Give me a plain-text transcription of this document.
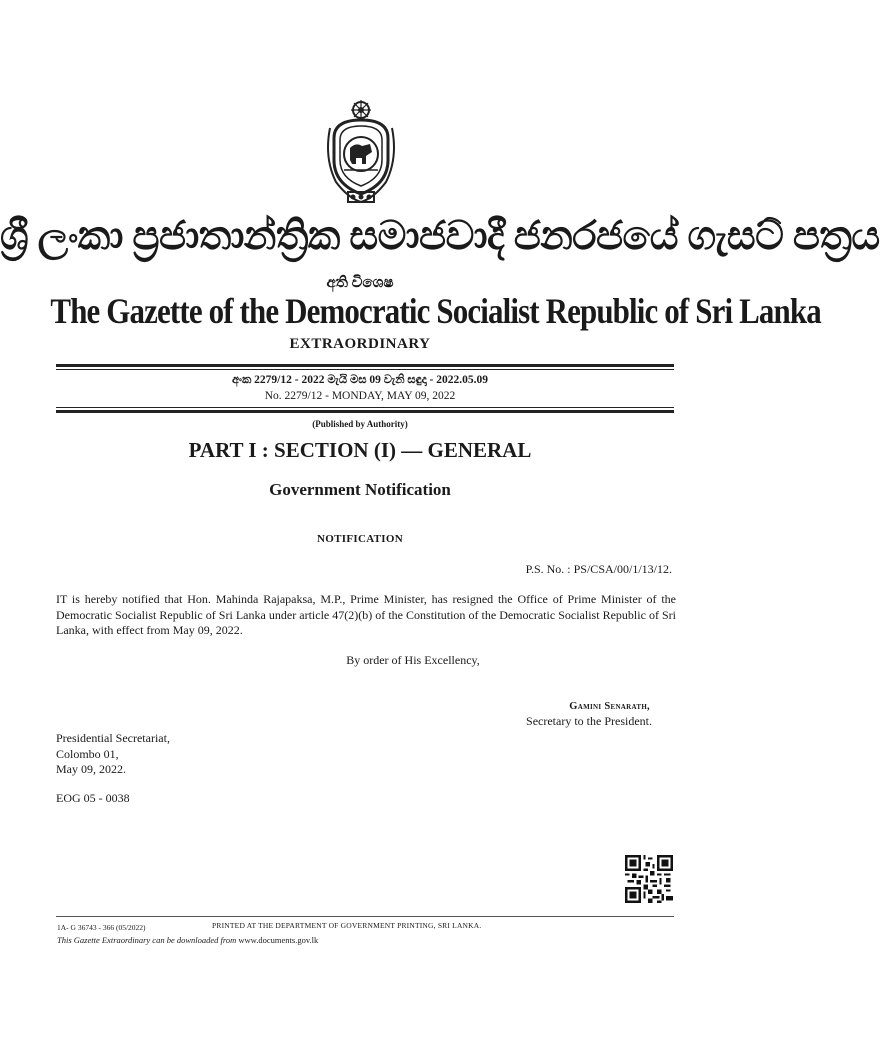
ශ්‍රී ලංකා ප්‍රජාතාන්ත්‍රික සමාජවාදී ජනරජයේ ගැසට් පත්‍රය
අති විශෙෂ
The Gazette of the Democratic Socialist Republic of Sri Lanka
EXTRAORDINARY
අංක 2279/12 - 2022 මැයි මස 09 වැනි සඳුදා - 2022.05.09
No. 2279/12 - MONDAY, MAY 09, 2022
(Published by Authority)
PART I : SECTION (I) — GENERAL
Government Notification
NOTIFICATION
P.S. No. : PS/CSA/00/1/13/12.
IT is hereby notified that Hon. Mahinda Rajapaksa, M.P., Prime Minister, has resigned the Office of Prime Minister of the Democratic Socialist Republic of Sri Lanka under article 47(2)(b) of the Constitution of the Democratic Socialist Republic of Sri Lanka, with effect from May 09, 2022.
By order of His Excellency,
Gamini Senarath,
Secretary to the President.
Presidential Secretariat,
Colombo 01,
May 09, 2022.
EOG 05 - 0038
1A- G 36743 - 366 (05/2022)	PRINTED AT THE DEPARTMENT OF GOVERNMENT PRINTING, SRI LANKA.
This Gazette Extraordinary can be downloaded from www.documents.gov.lk
